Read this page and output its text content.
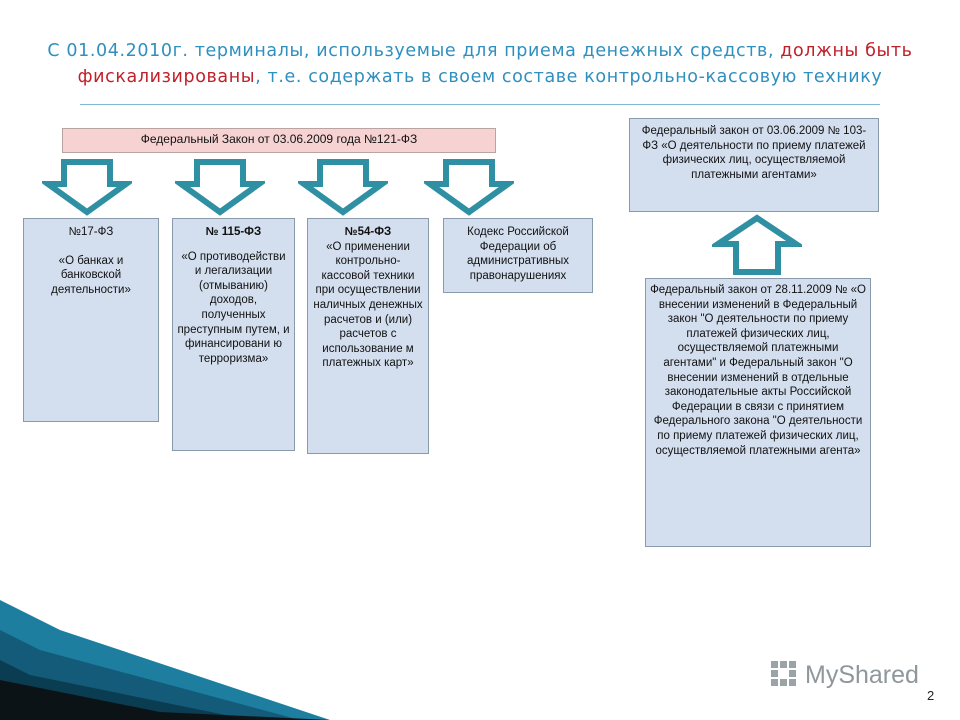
С 01.04.2010г. терминалы, используемые для приема денежных средств, должны быть фискализированы, т.е. содержать в своем составе контрольно-кассовую технику
Федеральный Закон от 03.06.2009 года №121-ФЗ

№17-ФЗ

«О банках и банковской деятельности»

№ 115-ФЗ

«О противодействи и легализации (отмыванию) доходов, полученных преступным путем, и финансировани ю терроризма»

№54-ФЗ

«О применении контрольно-кассовой техники при осуществлении наличных денежных расчетов и (или) расчетов с использование м платежных карт»

Кодекс Российской Федерации об административных правонарушениях

Федеральный закон от 03.06.2009 № 103-ФЗ «О деятельности по приему платежей физических лиц, осуществляемой платежными агентами»

Федеральный закон от 28.11.2009 № «О внесении изменений в Федеральный закон "О деятельности по приему платежей физических лиц, осуществляемой платежными агентами" и Федеральный закон "О внесении изменений в отдельные законодательные акты Российской Федерации в связи с принятием Федерального закона "О деятельности по приему платежей физических лиц, осуществляемой платежными агента»

MyShared
2
